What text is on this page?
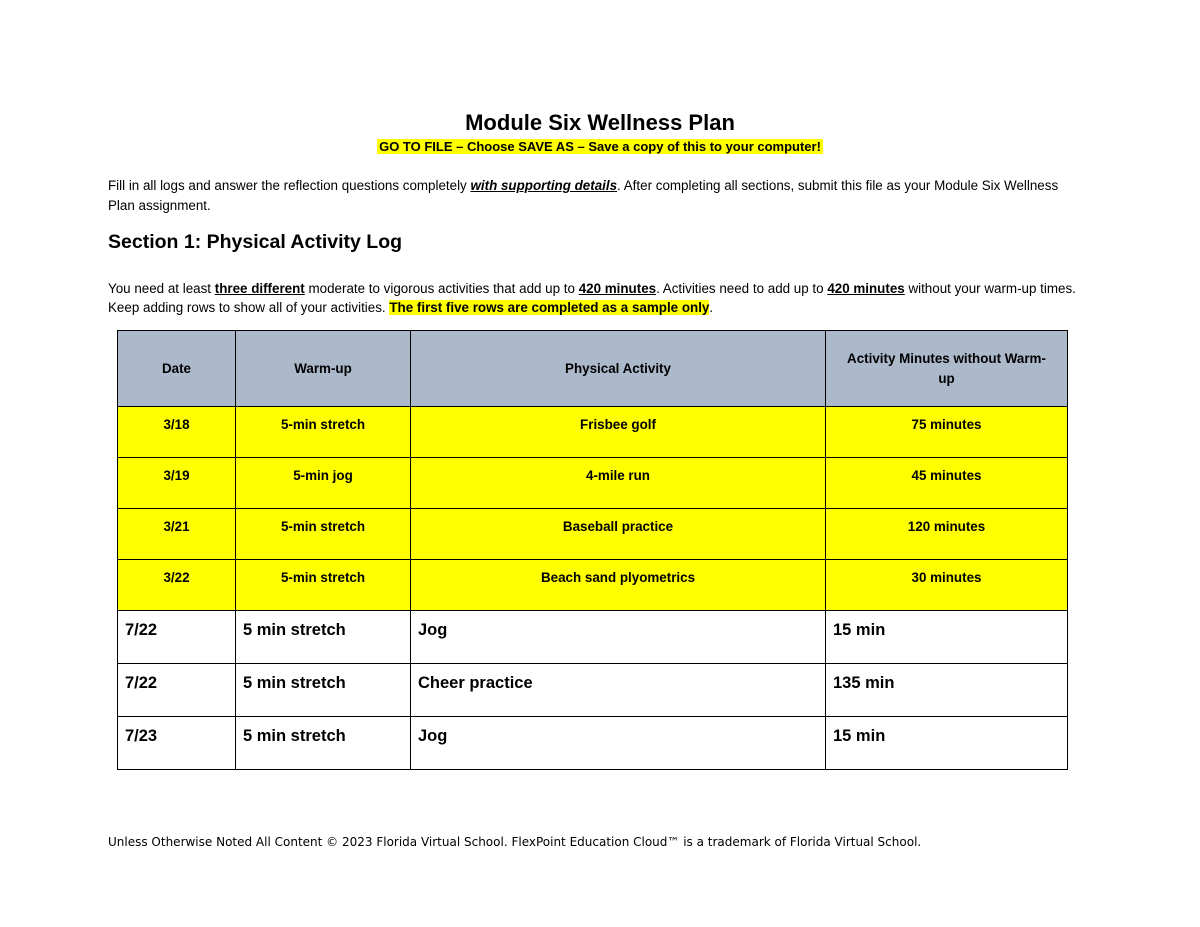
Module Six Wellness Plan
GO TO FILE – Choose SAVE AS – Save a copy of this to your computer!
Fill in all logs and answer the reflection questions completely with supporting details. After completing all sections, submit this file as your Module Six Wellness Plan assignment.
Section 1: Physical Activity Log
You need at least three different moderate to vigorous activities that add up to 420 minutes. Activities need to add up to 420 minutes without your warm-up times. Keep adding rows to show all of your activities. The first five rows are completed as a sample only.
Date	Warm-up	Physical Activity	Activity Minutes without Warm-up
3/18	5-min stretch	Frisbee golf	75 minutes
3/19	5-min jog	4-mile run	45 minutes
3/21	5-min stretch	Baseball practice	120 minutes
3/22	5-min stretch	Beach sand plyometrics	30 minutes
7/22	5 min stretch	Jog	15 min
7/22	5 min stretch	Cheer practice	135 min
7/23	5 min stretch	Jog	15 min
Unless Otherwise Noted All Content © 2023 Florida Virtual School. FlexPoint Education Cloud™ is a trademark of Florida Virtual School.
